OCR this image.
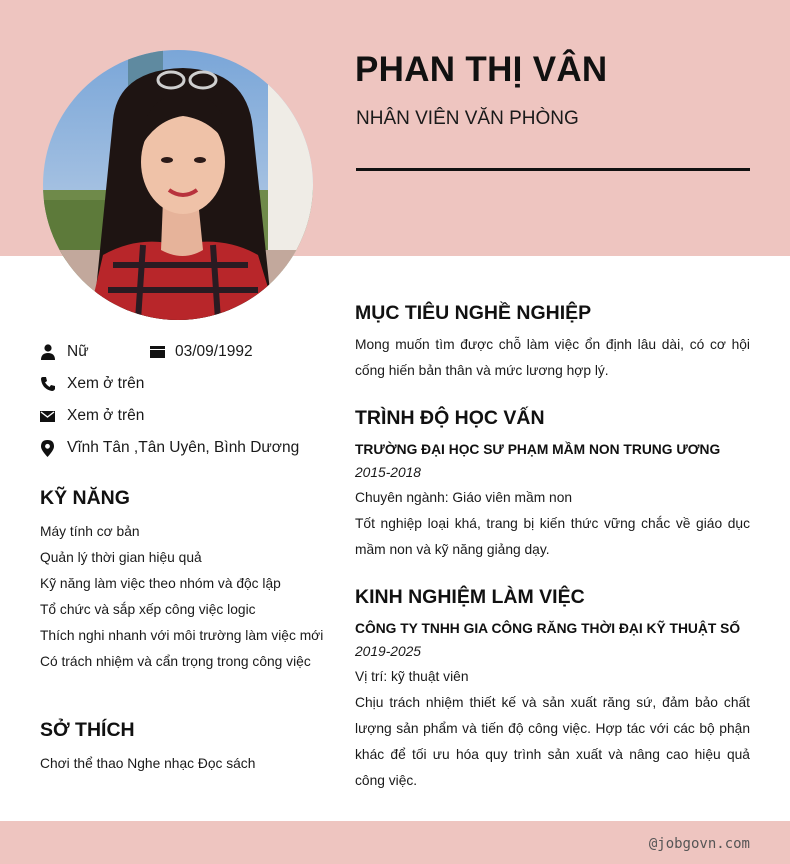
PHAN THỊ VÂN
NHÂN VIÊN VĂN PHÒNG
Nữ	03/09/1992
Xem ở trên
Xem ở trên
Vĩnh Tân ,Tân Uyên, Bình Dương
KỸ NĂNG
Máy tính cơ bản
Quản lý thời gian hiệu quả
Kỹ năng làm việc theo nhóm và độc lập
Tổ chức và sắp xếp công việc logic
Thích nghi nhanh với môi trường làm việc mới
Có trách nhiệm và cẩn trọng trong công việc
SỞ THÍCH
Chơi thể thao Nghe nhạc Đọc sách
MỤC TIÊU NGHỀ NGHIỆP
Mong muốn tìm được chỗ làm việc ổn định lâu dài, có cơ hội cống hiến bản thân và mức lương hợp lý.
TRÌNH ĐỘ HỌC VẤN
TRƯỜNG ĐẠI HỌC SƯ PHẠM MẦM NON TRUNG ƯƠNG
2015-2018
Chuyên ngành: Giáo viên mầm non
Tốt nghiệp loại khá, trang bị kiến thức vững chắc về giáo dục mầm non và kỹ năng giảng dạy.
KINH NGHIỆM LÀM VIỆC
CÔNG TY TNHH GIA CÔNG RĂNG THỜI ĐẠI KỸ THUẬT SỐ
2019-2025
Vị trí: kỹ thuật viên
Chịu trách nhiệm thiết kế và sản xuất răng sứ, đảm bảo chất lượng sản phẩm và tiến độ công việc. Hợp tác với các bộ phận khác để tối ưu hóa quy trình sản xuất và nâng cao hiệu quả công việc.
@jobgovn.com
